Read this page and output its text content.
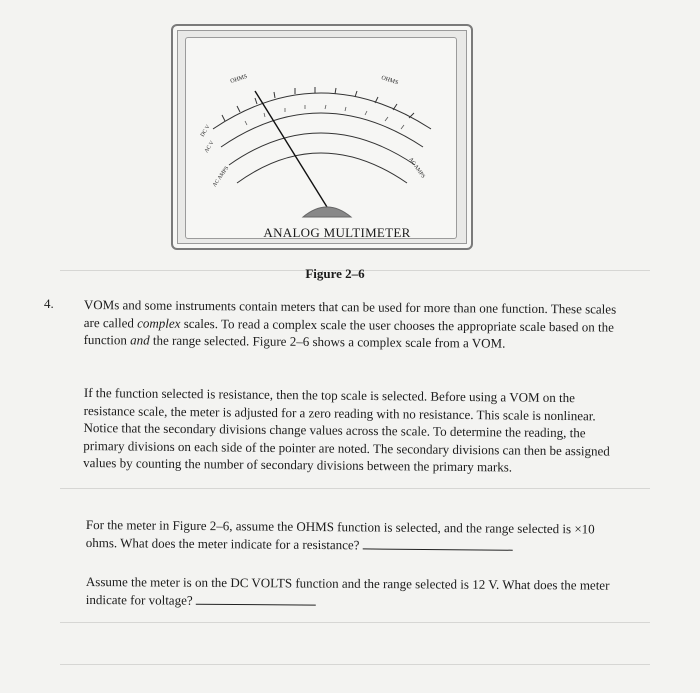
OHMS	OHMS
DC V
AC V
AC AMPS	AC AMPS
ANALOG MULTIMETER
Figure 2–6
4. VOMs and some instruments contain meters that can be used for more than one function. These scales are called complex scales. To read a complex scale the user chooses the appropriate scale based on the function and the range selected. Figure 2–6 shows a complex scale from a VOM.

If the function selected is resistance, then the top scale is selected. Before using a VOM on the resistance scale, the meter is adjusted for a zero reading with no resistance. This scale is nonlinear. Notice that the secondary divisions change values across the scale. To determine the reading, the primary divisions on each side of the pointer are noted. The secondary divisions can then be assigned values by counting the number of secondary divisions between the primary marks.

For the meter in Figure 2–6, assume the OHMS function is selected, and the range selected is ×10 ohms. What does the meter indicate for a resistance?

Assume the meter is on the DC VOLTS function and the range selected is 12 V. What does the meter indicate for voltage?
